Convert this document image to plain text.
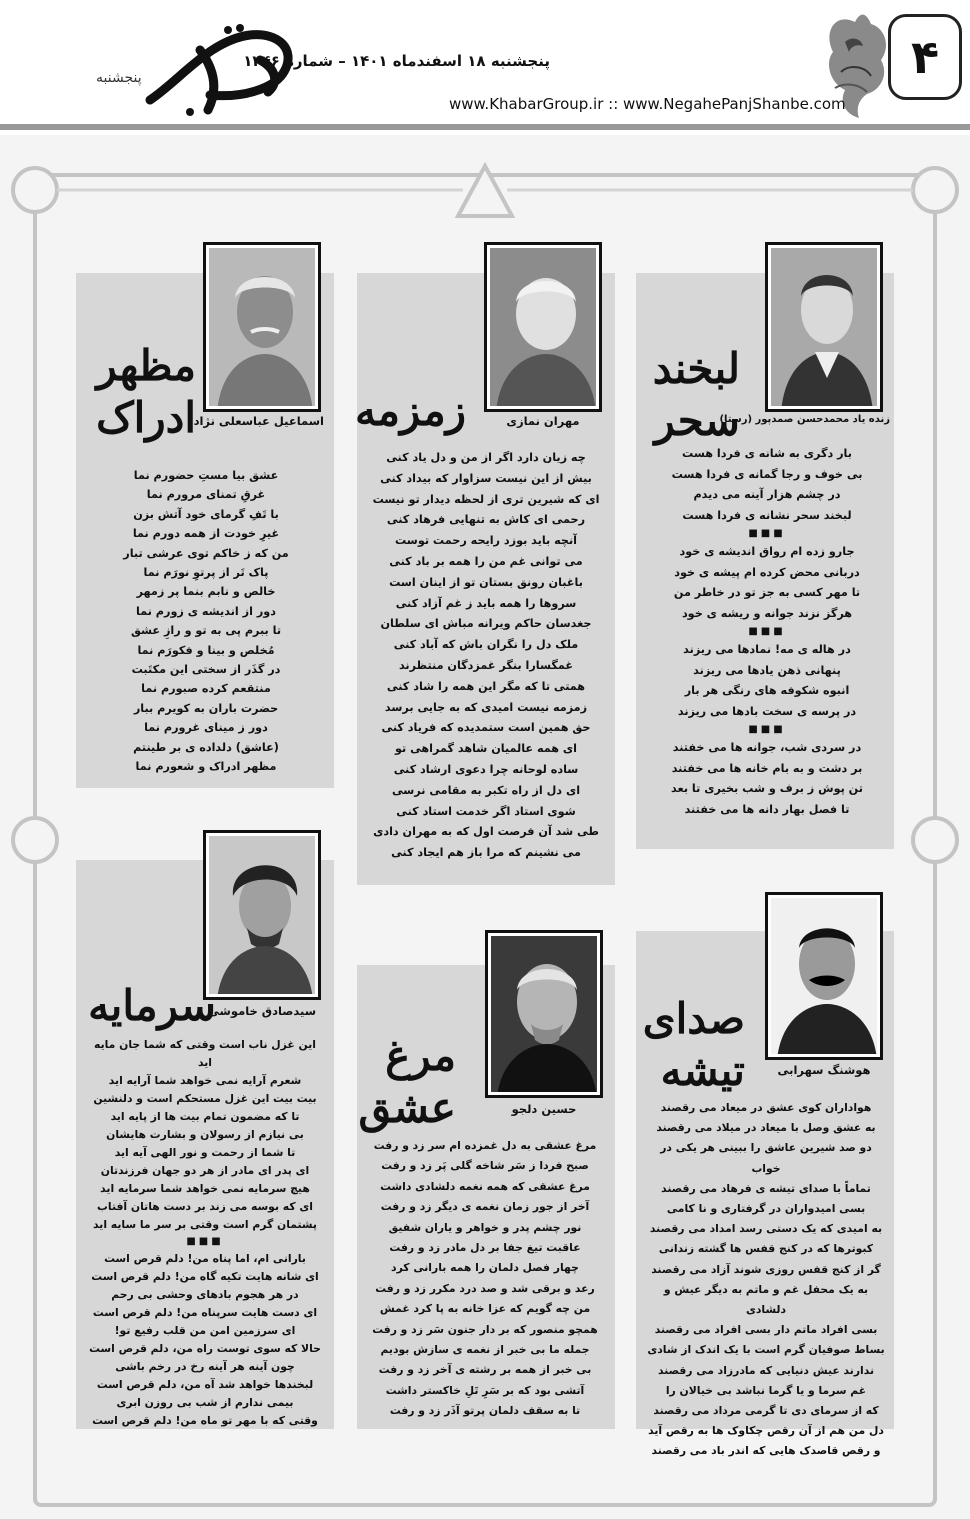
۴
پنجشنبه
پنجشنبه ۱۸ اسفندماه ۱۴۰۱ – شماره ۱۴۴۶
www.KhabarGroup.ir :: www.NegahePanjShanbe.com
لبخند
سحر
زنده یاد محمدحسن صمدپور (رستا)
بار دگری به شانه ی فردا هست
بی خوف و رجا گمانه ی فردا هست
در چشم هزار آینه می دیدم
لبخند سحر نشانه ی فردا هست
■■■
جارو زده ام رواق اندیشه ی خود
دربانی محض کرده ام پیشه ی خود
تا مهر کسی به جز تو در خاطر من
هرگز نزند جوانه و ریشه ی خود
■■■
در هاله ی مه! نمادها می ریزند
پنهانی ذهن یادها می ریزند
انبوه شکوفه های رنگی هر بار
در پرسه ی سخت بادها می ریزند
■■■
در سردی شب، جوانه ها می خفتند
بر دشت و به بام خانه ها می خفتند
تن پوش ز برف و شب بخیری تا بعد
تا فصل بهار دانه ها می خفتند
زمزمه	مهران نمازی
چه زیان دارد اگر از من و دل یاد کنی
بیش از این نیست سزاوار که بیداد کنی
ای که شیرین تری از لحظه دیدار تو نیست
رحمی ای کاش به تنهایی فرهاد کنی
آنچه باید بوزد رایحه رحمت توست
می توانی غم من را همه بر باد کنی
باغبان رونق بستان تو از اینان است
سروها را همه باید ز غم آزاد کنی
جغدسان حاکم ویرانه مباش ای سلطان
ملک دل را نگران باش که آباد کنی
غمگسارا بنگر غمزدگان منتظرند
همتی تا که مگر این همه را شاد کنی
زمزمه نیست امیدی که به جایی برسد
حق همین است ستمدیده که فریاد کنی
ای همه عالمیان شاهد گمراهی تو
ساده لوحانه چرا دعوی ارشاد کنی
ای دل از راه تکبر به مقامی نرسی
شوی استاد اگر خدمت استاد کنی
طی شد آن فرصت اول که به مهران دادی
می نشینم که مرا باز هم ایجاد کنی
مظهر
ادراک
اسماعیل عباسعلی نژاد
عشق بیا مستِ حضورم نما
غرقِ تمنای مرورم نما
با تَفِ گرمای خود آتش بزن
غیرِ خودت از همه دورم نما
من که ز خاکم توی عرشی تبار
پاک تَر از پرتوِ نورَم نما
خالص و نابم بنما پر زمهر
دور از اندیشه ی زورم نما
تا ببرم پی به تو و رازِ عشق
مُخلص و بینا و فکورَم نما
در گذَر از سختی این مکتَبت
منتقعم کرده صبورم نما
حضرت باران به کویرم ببار
دور ز مینای غرورم نما
(عاشق) دلداده ی بر طینتم
مظهر ادراک و شعورم نما
صدای
تیشه	هوشنگ سهرابی
هواداران کوی عشق در میعاد می رقصند
به عشق وصل با میعاد در میلاد می رقصند
دو صد شیرین عاشق را ببینی هر یکی در خواب
تماماً با صدای تیشه ی فرهاد می رقصند
بسی امیدواران در گرفتاری و نا کامی
به امیدی که یک دستی رسد امداد می رقصند
کبوترها که در کنج قفس ها گشته زندانی
گر از کنج قفس روزی شوند آزاد می رقصند
به یک محفل غم و ماتم به دیگر عیش و دلشادی
بسی افراد ماتم دار بسی افراد می رقصند
بساط صوفیان گرم است با یک اندک از شادی
ندارند عیش دنیایی که مادرزاد می رقصند
غم سرما و یا گرما نباشد بی خیالان را
که از سرمای دی تا گرمی مرداد می رقصند
دل من هم از آن رقص چکاوک ها به رقص آید
و رقص قاصدک هایی که اندر باد می رقصند
مرغ
عشق	حسین دلجو
مرغ عشقی به دل غمزده ام سر زد و رفت
صبح فردا ز سَر شاخه گلی پَر زد و رفت
مرغ عشقی که همه نغمه دلشادی داشت
آخر از جور زمان نغمه ی دیگر زد و رفت
نور چشم پدر و خواهر و یاران شفیق
عاقبت تیغ جفا بر دل مادر زد و رفت
چهار فصل دلمان را همه بارانی کرد
رعد و برقی شد و صد درد مکرر زد و رفت
من چه گویم که عزا خانه به پا کرد غمش
همچو منصور که بر دار جنون سَر زد و رفت
جمله ما بی خبر از نغمه ی سازش بودیم
بی خبر از همه بر رشته ی آخر زد و رفت
آتشی بود که بر سَرِ تَلِ خاکستر داشت
تا به سقف دلمان پرتو آذَر زد و رفت
سرمایه
سیدصادق خاموشی
این غزل ناب است وقتی که شما جان مایه اید
شعرم آرایه نمی خواهد شما آرایه اید
بیت بیت این غزل مستحکم است و دلنشین
تا که مضمون تمام بیت ها از پایه اید
بی نیازم از رسولان و بشارت هایشان
تا شما از رحمت و نور الهی آیه اید
ای پدر ای مادر از هر دو جهان فرزندتان
هیچ سرمایه نمی خواهد شما سرمایه اید
ای که بوسه می زند بر دست هاتان آفتاب
پشتمان گرم است وقتی بر سر ما سایه اید
■■■
بارانی ام، اما پناه من! دلم قرص است
ای شانه هایت تکیه گاه من! دلم قرص است
در هر هجوم بادهای وحشی بی رحم
ای دست هایت سرپناه من! دلم قرص است
ای سرزمین امن من قلب رفیع تو!
حالا که سوی توست راه من، دلم قرص است
چون آینه هر آینه رخ در رخم باشی
لبخندها خواهد شد آه من، دلم قرص است
بیمی ندارم از شب بی روزن ابری
وقتی که با مهر تو ماه من! دلم قرص است
